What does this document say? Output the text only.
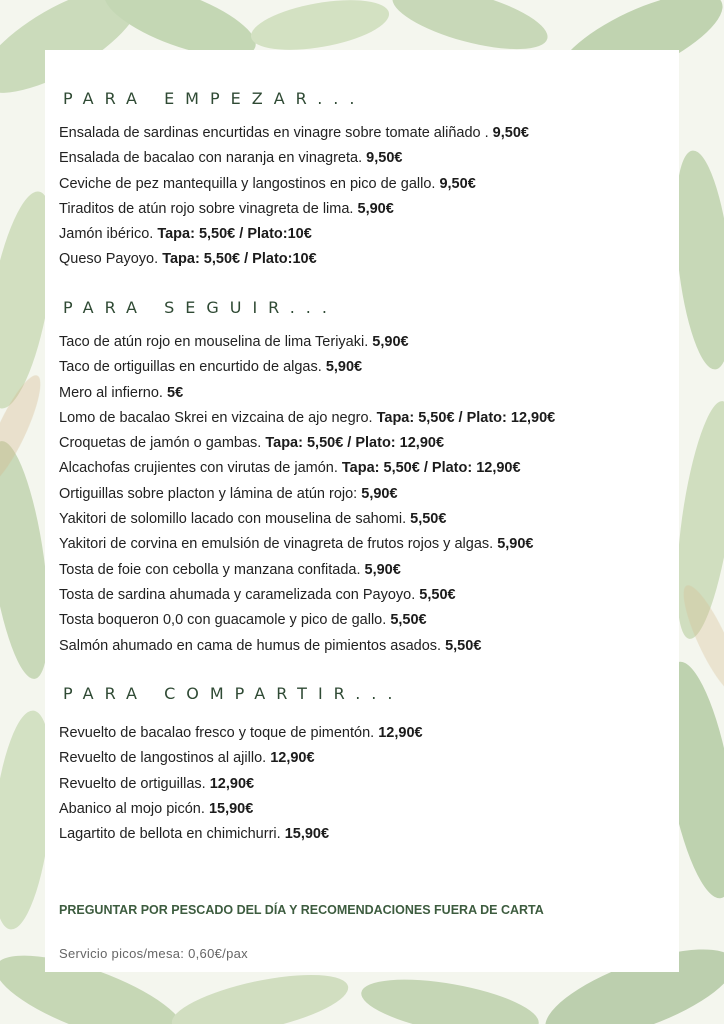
PARA EMPEZAR...
Ensalada de sardinas encurtidas en vinagre sobre tomate aliñado . 9,50€
Ensalada de bacalao con naranja en vinagreta. 9,50€
Ceviche de pez mantequilla y langostinos en pico de gallo. 9,50€
Tiraditos de atún rojo sobre vinagreta de lima. 5,90€
Jamón ibérico. Tapa: 5,50€ / Plato:10€
Queso Payoyo. Tapa: 5,50€ / Plato:10€
PARA SEGUIR...
Taco de atún rojo en mouselina de lima Teriyaki. 5,90€
Taco de ortiguillas en encurtido de algas. 5,90€
Mero al infierno. 5€
Lomo de bacalao Skrei en vizcaina de ajo negro. Tapa: 5,50€ / Plato: 12,90€
Croquetas de jamón o gambas. Tapa: 5,50€ / Plato: 12,90€
Alcachofas crujientes con virutas de jamón. Tapa: 5,50€ / Plato: 12,90€
Ortiguillas sobre placton y lámina de atún rojo: 5,90€
Yakitori de solomillo lacado con mouselina de sahomi. 5,50€
Yakitori de corvina en emulsión de vinagreta de frutos rojos y algas. 5,90€
Tosta de foie con cebolla y manzana confitada. 5,90€
Tosta de sardina ahumada y caramelizada con Payoyo. 5,50€
Tosta boqueron 0,0 con guacamole y pico de gallo. 5,50€
Salmón ahumado en cama de humus de pimientos asados. 5,50€
PARA COMPARTIR...
Revuelto de bacalao fresco y toque de pimentón. 12,90€
Revuelto de langostinos al ajillo. 12,90€
Revuelto de ortiguillas. 12,90€
Abanico al mojo picón. 15,90€
Lagartito de bellota en chimichurri. 15,90€
PREGUNTAR POR PESCADO DEL DÍA Y RECOMENDACIONES FUERA DE CARTA
Servicio picos/mesa: 0,60€/pax
